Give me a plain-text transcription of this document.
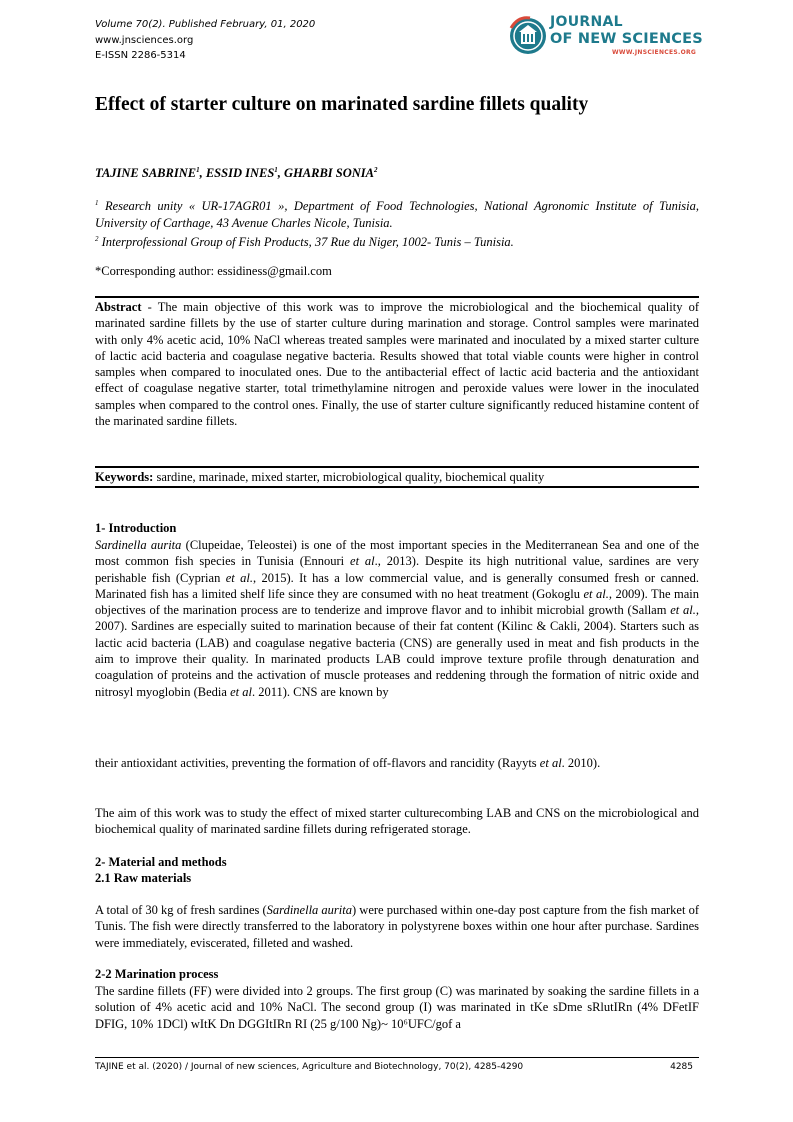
Volume 70(2). Published February, 01, 2020
www.jnsciences.org
E-ISSN 2286-5314
JOURNAL
OF NEW SCIENCES
WWW.JNSCIENCES.ORG
Effect of starter culture on marinated sardine fillets quality
TAJINE SABRINE$^1$, ESSID INES$^1$, GHARBI SONIA$^2$
$^1$ Research unity « UR-17AGR01 », Department of Food Technologies, National Agronomic Institute of Tunisia, University of Carthage, 43 Avenue Charles Nicole, Tunisia.
$^2$ Interprofessional Group of Fish Products, 37 Rue du Niger, 1002- Tunis – Tunisia.
*Corresponding author: essidiness@gmail.com
Abstract - The main objective of this work was to improve the microbiological and the biochemical quality of marinated sardine fillets by the use of starter culture during marination and storage. Control samples were marinated with only 4% acetic acid, 10% NaCl whereas treated samples were marinated and inoculated by a mixed starter culture of lactic acid bacteria and coagulase negative bacteria. Results showed that total viable counts were higher in control samples when compared to inoculated ones. Due to the antibacterial effect of lactic acid bacteria and the antioxidant effect of coagulase negative starter, total trimethylamine nitrogen and peroxide values were lower in the inoculated samples when compared to the control ones. Finally, the use of starter culture significantly reduced histamine content of the marinated sardine fillets.
Keywords: sardine, marinade, mixed starter, microbiological quality, biochemical quality
1- Introduction
Sardinella aurita (Clupeidae, Teleostei) is one of the most important species in the Mediterranean Sea and one of the most common fish species in Tunisia (Ennouri et al., 2013). Despite its high nutritional value, sardines are very perishable fish (Cyprian et al., 2015). It has a low commercial value, and is generally consumed fresh or canned. Marinated fish has a limited shelf life since they are consumed with no heat treatment (Gokoglu et al., 2009). The main objectives of the marination process are to tenderize and improve flavor and to inhibit microbial growth (Sallam et al., 2007). Sardines are especially suited to marination because of their fat content (Kilinc & Cakli, 2004). Starters such as lactic acid bacteria (LAB) and coagulase negative bacteria (CNS) are generally used in meat and fish products in the aim to improve their quality. In marinated products LAB could improve texture profile through denaturation and coagulation of proteins and the activation of muscle proteases and reddening through the formation of nitric oxide and nitrosyl myoglobin (Bedia et al. 2011). CNS are known by
their antioxidant activities, preventing the formation of off-flavors and rancidity (Rayyts et al. 2010).
The aim of this work was to study the effect of mixed starter culturecombing LAB and CNS on the microbiological and biochemical quality of marinated sardine fillets during refrigerated storage.
2- Material and methods
2.1 Raw materials
A total of 30 kg of fresh sardines (Sardinella aurita) were purchased within one-day post capture from the fish market of Tunis. The fish were directly transferred to the laboratory in polystyrene boxes within one hour after purchase. Sardines were immediately, eviscerated, filleted and washed.
2-2 Marination process
The sardine fillets (FF) were divided into 2 groups. The first group (C) was marinated by soaking the sardine fillets in a solution of 4% acetic acid and 10% NaCl. The second group (I) was marinated in tKe sDme sRlutIRn (4% DFetIF DFIG, 10% 1DCl) wItK Dn DGGItIRn RI (25 g/100 Ng)~ 10⁶UFC/gof a
TAJINE et al. (2020) / Journal of new sciences, Agriculture and Biotechnology, 70(2), 4285-4290	4285
